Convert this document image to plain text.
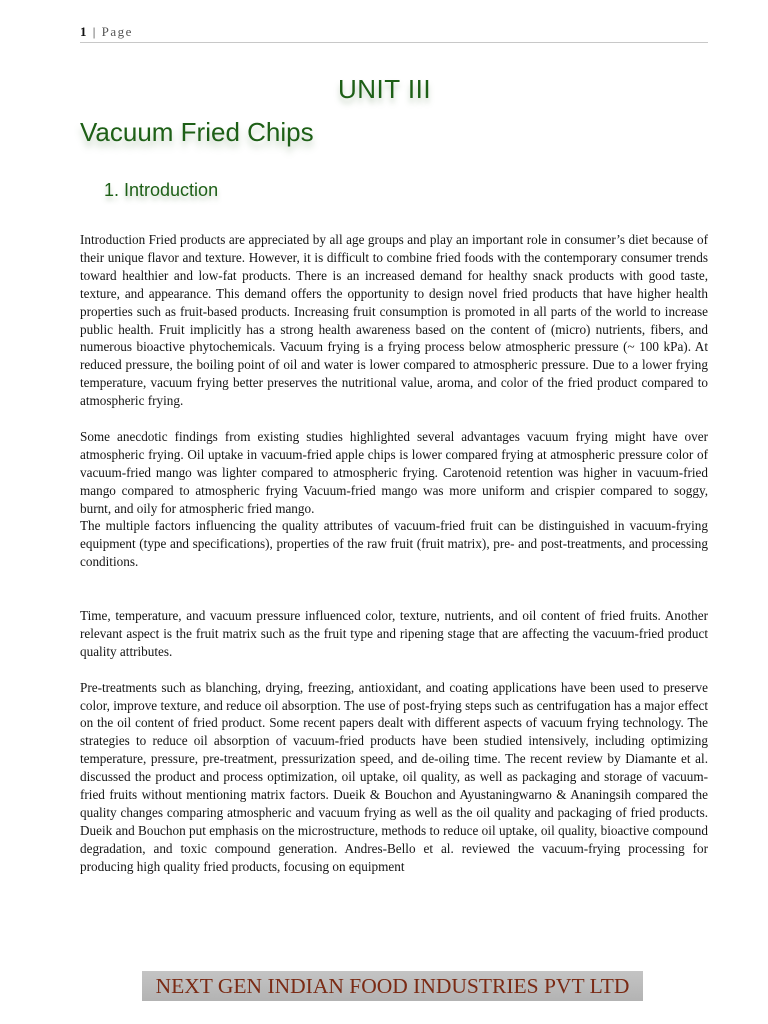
1 | Page
UNIT III
Vacuum Fried Chips
1. Introduction

Introduction Fried products are appreciated by all age groups and play an important role in consumer’s diet because of their unique flavor and texture. However, it is difficult to combine fried foods with the contemporary consumer trends toward healthier and low-fat products. There is an increased demand for healthy snack products with good taste, texture, and appearance. This demand offers the opportunity to design novel fried products that have higher health properties such as fruit-based products. Increasing fruit consumption is promoted in all parts of the world to increase public health. Fruit implicitly has a strong health awareness based on the content of (micro) nutrients, fibers, and numerous bioactive phytochemicals. Vacuum frying is a frying process below atmospheric pressure (~ 100 kPa). At reduced pressure, the boiling point of oil and water is lower compared to atmospheric pressure. Due to a lower frying temperature, vacuum frying better preserves the nutritional value, aroma, and color of the fried product compared to atmospheric frying.

Some anecdotic findings from existing studies highlighted several advantages vacuum frying might have over atmospheric frying. Oil uptake in vacuum-fried apple chips is lower compared frying at atmospheric pressure color of vacuum-fried mango was lighter compared to atmospheric frying. Carotenoid retention was higher in vacuum-fried mango compared to atmospheric frying Vacuum-fried mango was more uniform and crispier compared to soggy, burnt, and oily for atmospheric fried mango.

The multiple factors influencing the quality attributes of vacuum-fried fruit can be distinguished in vacuum-frying equipment (type and specifications), properties of the raw fruit (fruit matrix), pre- and post-treatments, and processing conditions.

Time, temperature, and vacuum pressure influenced color, texture, nutrients, and oil content of fried fruits. Another relevant aspect is the fruit matrix such as the fruit type and ripening stage that are affecting the vacuum-fried product quality attributes.

Pre-treatments such as blanching, drying, freezing, antioxidant, and coating applications have been used to preserve color, improve texture, and reduce oil absorption. The use of post-frying steps such as centrifugation has a major effect on the oil content of fried product. Some recent papers dealt with different aspects of vacuum frying technology. The strategies to reduce oil absorption of vacuum-fried products have been studied intensively, including optimizing temperature, pressure, pre-treatment, pressurization speed, and de-oiling time. The recent review by Diamante et al. discussed the product and process optimization, oil uptake, oil quality, as well as packaging and storage of vacuum-fried fruits without mentioning matrix factors. Dueik & Bouchon and Ayustaningwarno & Ananingsih compared the quality changes comparing atmospheric and vacuum frying as well as the oil quality and packaging of fried products. Dueik and Bouchon put emphasis on the microstructure, methods to reduce oil uptake, oil quality, bioactive compound degradation, and toxic compound generation. Andres-Bello et al. reviewed the vacuum-frying processing for producing high quality fried products, focusing on equipment

NEXT GEN INDIAN FOOD INDUSTRIES PVT LTD
